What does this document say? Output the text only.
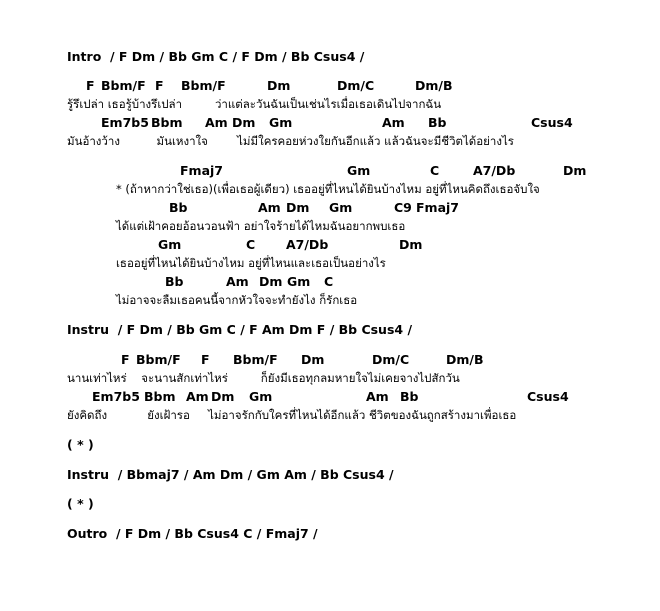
Intro  / F Dm / Bb Gm C / F Dm / Bb Csus4 /
F Bbm/F F Bbm/F	Dm	Dm/C	Dm/B
รู้รึเปล่า เธอรู้บ้างรึเปล่า         ว่าแต่ละวันฉันเป็นเช่นไรเมื่อเธอเดินไปจากฉัน
Em7b5 Bbm Am Dm Gm	Am Bb	Csus4
มันอ้างว้าง          มันเหงาใจ        ไม่มีใครคอยห่วงใยกันอีกแล้ว แล้วฉันจะมีชีวิตได้อย่างไร
Fmaj7	Gm	C	A7/Db	Dm
* (ถ้าหากว่าใช่เธอ)(เพื่อเธอผู้เดียว) เธออยู่ที่ไหนได้ยินบ้างไหม อยู่ที่ไหนคิดถึงเธอจับใจ
Bb	Am Dm Gm	C9 Fmaj7
ได้แต่เฝ้าคอยอ้อนวอนฟ้า อย่าใจร้ายได้ไหมฉันอยากพบเธอ
Gm	C A7/Db	Dm
เธออยู่ที่ไหนได้ยินบ้างไหม อยู่ที่ไหนและเธอเป็นอย่างไร
Bb	Am Dm Gm C
ไม่อาจจะลืมเธอคนนี้จากหัวใจจะทำยังไง ก็รักเธอ
Instru  / F Dm / Bb Gm C / F Am Dm F / Bb Csus4 /
F Bbm/F F Bbm/F Dm	Dm/C	Dm/B
นานเท่าไหร่    จะนานสักเท่าไหร่         ก็ยังมีเธอทุกลมหายใจไม่เคยจางไปสักวัน
Em7b5 Bbm Am Dm Gm	Am Bb	Csus4
ยังคิดถึง           ยังเฝ้ารอ     ไม่อาจรักกับใครที่ไหนได้อีกแล้ว ชีวิตของฉันถูกสร้างมาเพื่อเธอ
( * )
Instru  / Bbmaj7 / Am Dm / Gm Am / Bb Csus4 /
( * )
Outro  / F Dm / Bb Csus4 C / Fmaj7 /
